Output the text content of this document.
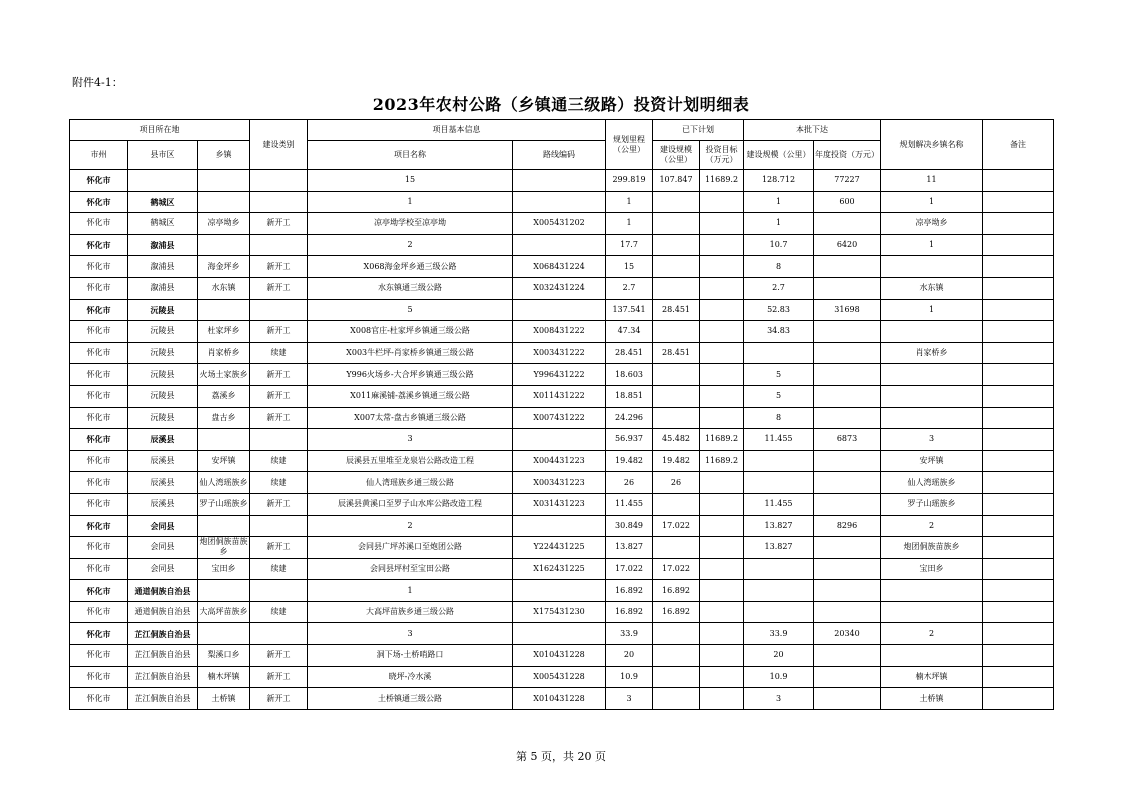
附件4-1：
2023年农村公路（乡镇通三级路）投资计划明细表
项目所在地			建设类别	项目基本信息		规划里程（公里）	已下计划		本批下达		规划解决乡镇名称	备注
市州	县市区	乡镇		项目名称	路线编码		建设规模（公里）	投资目标（万元）	建设规模（公里）	年度投资（万元）		
怀化市				15		299.819	107.847	11689.2	128.712	77227	11	
怀化市	鹤城区			1		1			1	600	1	
怀化市	鹤城区	凉亭坳乡	新开工	凉亭坳学校至凉亭坳	X005431202	1			1		凉亭坳乡	
怀化市	溆浦县			2		17.7			10.7	6420	1	
怀化市	溆浦县	海金坪乡	新开工	X068海金坪乡通三级公路	X068431224	15			8			
怀化市	溆浦县	水东镇	新开工	水东镇通三级公路	X032431224	2.7			2.7		水东镇	
怀化市	沅陵县			5		137.541	28.451		52.83	31698	1	
怀化市	沅陵县	杜家坪乡	新开工	X008官庄-杜家坪乡镇通三级公路	X008431222	47.34			34.83			
怀化市	沅陵县	肖家桥乡	续建	X003牛栏坪-肖家桥乡镇通三级公路	X003431222	28.451	28.451				肖家桥乡	
怀化市	沅陵县	火场土家族乡	新开工	Y996火场乡-大合坪乡镇通三级公路	Y996431222	18.603			5			
怀化市	沅陵县	荔溪乡	新开工	X011麻溪铺-荔溪乡镇通三级公路	X011431222	18.851			5			
怀化市	沅陵县	盘古乡	新开工	X007太常-盘古乡镇通三级公路	X007431222	24.296			8			
怀化市	辰溪县			3		56.937	45.482	11689.2	11.455	6873	3	
怀化市	辰溪县	安坪镇	续建	辰溪县五里堆至龙泉岩公路改造工程	X004431223	19.482	19.482	11689.2			安坪镇	
怀化市	辰溪县	仙人湾瑶族乡	续建	仙人湾瑶族乡通三级公路	X003431223	26	26				仙人湾瑶族乡	
怀化市	辰溪县	罗子山瑶族乡	新开工	辰溪县黄溪口至罗子山水库公路改造工程	X031431223	11.455			11.455		罗子山瑶族乡	
怀化市	会同县			2		30.849	17.022		13.827	8296	2	
怀化市	会同县	炮团侗族苗族乡	新开工	会同县广坪苏溪口至炮团公路	Y224431225	13.827			13.827		炮团侗族苗族乡	
怀化市	会同县	宝田乡	续建	会同县坪村至宝田公路	X162431225	17.022	17.022				宝田乡	
怀化市	通道侗族自治县			1		16.892	16.892					
怀化市	通道侗族自治县	大高坪苗族乡	续建	大高坪苗族乡通三级公路	X175431230	16.892	16.892					
怀化市	芷江侗族自治县			3		33.9			33.9	20340	2	
怀化市	芷江侗族自治县	梨溪口乡	新开工	洞下场-土桥哨路口	X010431228	20			20			
怀化市	芷江侗族自治县	楠木坪镇	新开工	晓坪-冷水溪	X005431228	10.9			10.9		楠木坪镇	
怀化市	芷江侗族自治县	土桥镇	新开工	土桥镇通三级公路	X010431228	3			3		土桥镇	
第 5 页，共 20 页
